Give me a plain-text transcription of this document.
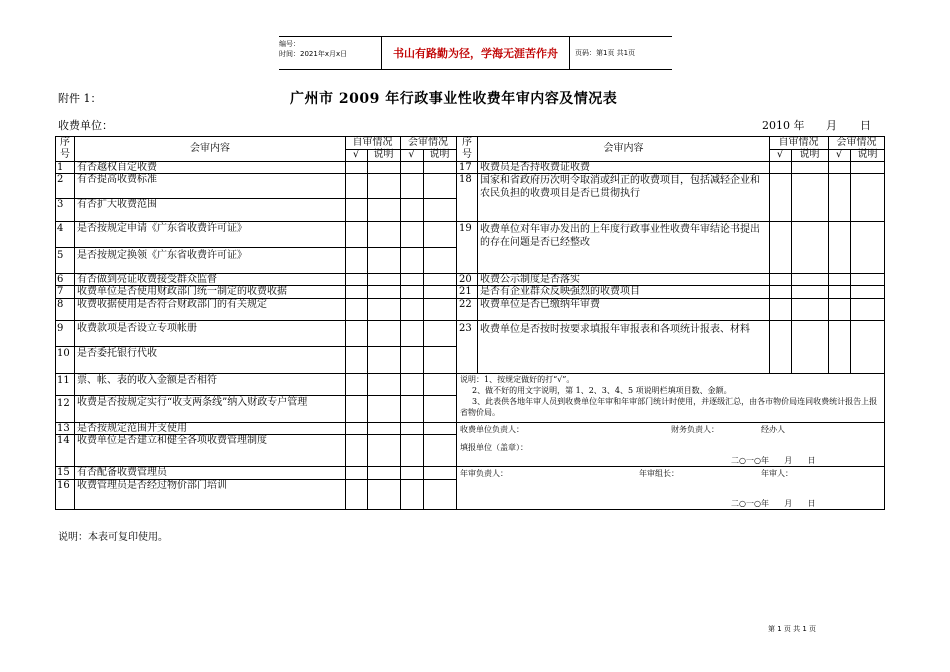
编号：
时间：2021年x月x日	书山有路勤为径，学海无涯苦作舟	页码：第1页 共1页
附件 1：	广州市 2009 年行政事业性收费年审内容及情况表
收费单位：	2010 年 月 日
序号
会审内容
自审情况	会审情况
√	说明	√	说明
序号
会审内容
自审情况	会审情况
√	说明	√	说明
1 有否越权自定收费
2 有否提高收费标准
3 有否扩大收费范围
4 是否按规定申请《广东省收费许可证》
5 是否按规定换领《广东省收费许可证》
6 有否做到亮证收费接受群众监督
7 收费单位是否使用财政部门统一制定的收费收据
8 收费收据使用是否符合财政部门的有关规定
9 收费款项是否设立专项帐册
10 是否委托银行代收
11 票、帐、表的收入金额是否相符
12 收费是否按规定实行“收支两条线”纳入财政专户管理
13 是否按规定范围开支使用
14 收费单位是否建立和健全各项收费管理制度
15 有否配备收费管理员
16 收费管理员是否经过物价部门培训
17 收费员是否持收费证收费
18 国家和省政府历次明令取消或纠正的收费项目，包括减轻企业和农民负担的收费项目是否已贯彻执行
19 收费单位对年审办发出的上年度行政事业性收费年审结论书提出的存在问题是否已经整改
20 收费公示制度是否落实
21 是否有企业群众反映强烈的收费项目
22 收费单位是否已缴纳年审费
23 收费单位是否按时按要求填报年审报表和各项统计报表、材料
说明：1、按规定做好的打“√”。
2、做不好的用文字说明，第 1、2、3、4、5 项说明栏填项目数、金额。
3、此表供各地年审人员到收费单位年审和年审部门统计时使用，并逐级汇总，由各市物价局连同收费统计报告上报省物价局。
收费单位负责人：	财务负责人：	经办人
填报单位（盖章）：
二○一○年      月      日
年审负责人：	年审组长：	年审人：
二○一○年      月      日
说明：本表可复印使用。
第 1 页 共 1 页
